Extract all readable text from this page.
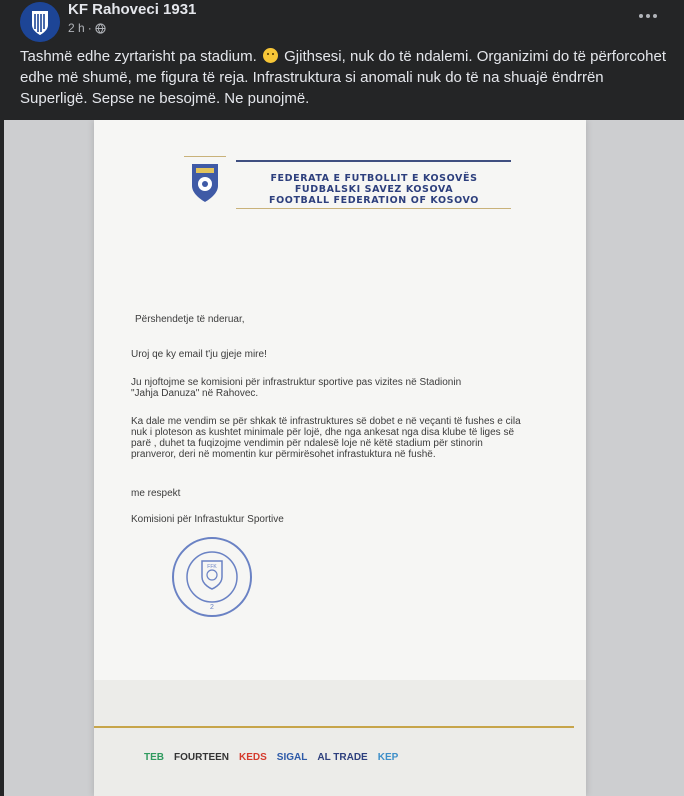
KF Rahoveci 1931
2 h ·
Tashmë edhe zyrtarisht pa stadium. Gjithsesi, nuk do të ndalemi. Organizimi do të përforcohet edhe më shumë, me figura të reja. Infrastruktura si anomali nuk do të na shuajë ëndrrën Superligë. Sepse ne besojmë. Ne punojmë.
FEDERATA E FUTBOLLIT E KOSOVËS
FUDBALSKI SAVEZ KOSOVA
FOOTBALL FEDERATION OF KOSOVO
Përshendetje të nderuar,
Uroj qe ky email t'ju gjeje mire!
Ju njoftojme se komisioni për infrastruktur sportive pas vizites në Stadionin
"Jahja Danuza" në Rahovec.
Ka dale me vendim se për shkak të infrastruktures së dobet e në veçanti të fushes e cila
nuk i ploteson as kushtet minimale për lojë, dhe nga ankesat nga disa klube të liges së
parë , duhet ta fuqizojme vendimin për ndalesë loje në këtë stadium për stinorin
pranveror, deri në momentin kur përmirësohet infrastuktura në fushë.
me respekt
Komisioni për Infrastuktur Sportive
FFK
2
TEB FOURTEEN KEDS SIGAL AL TRADE KEP
